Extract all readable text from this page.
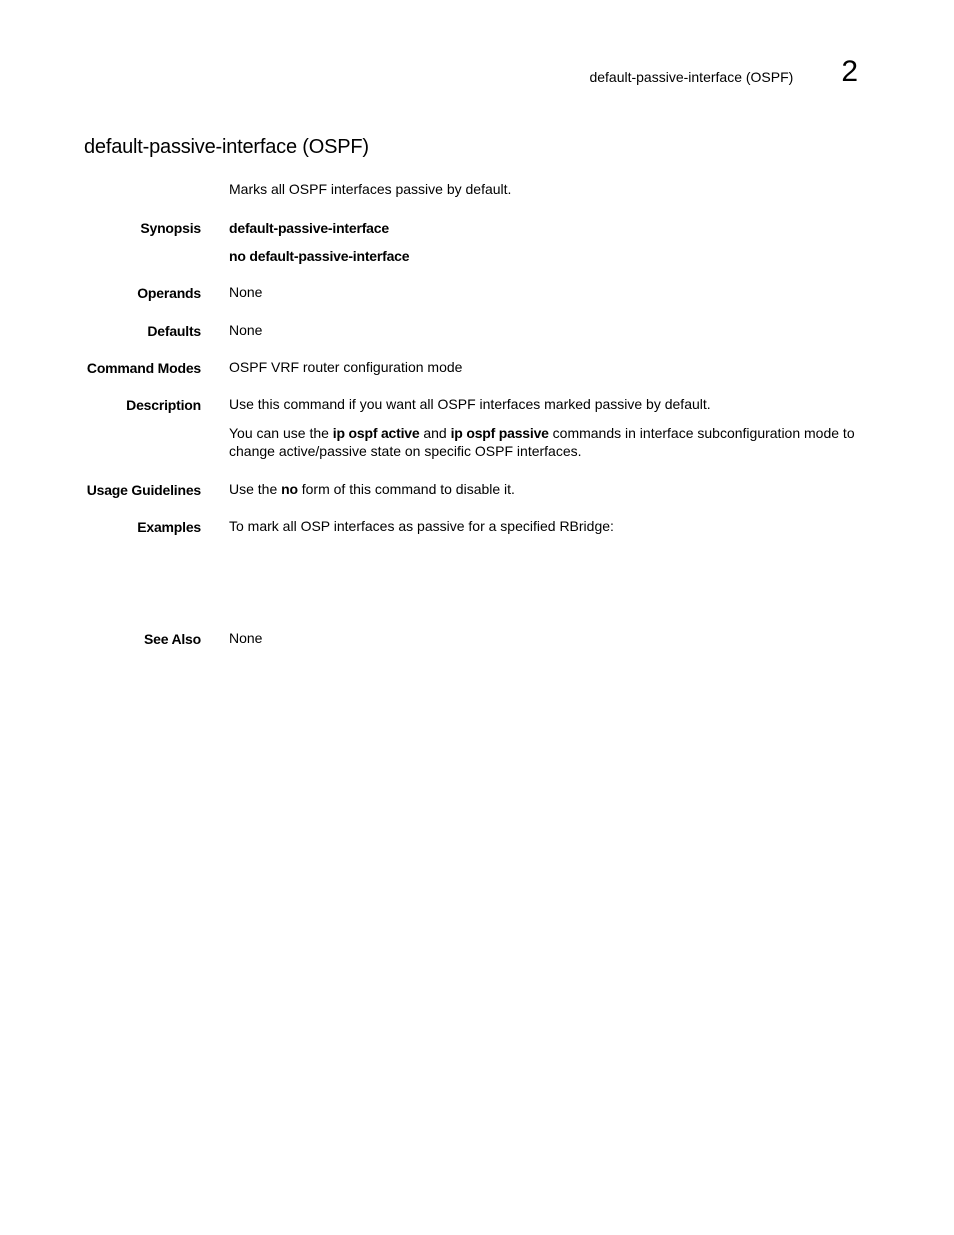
default-passive-interface (OSPF) 2
default-passive-interface (OSPF)

Marks all OSPF interfaces passive by default.

Synopsis default-passive-interface

no default-passive-interface

Operands None
Defaults None
Command Modes OSPF VRF router configuration mode
Description Use this command if you want all OSPF interfaces marked passive by default.

You can use the ip ospf active and ip ospf passive commands in interface subconfiguration mode to change active/passive state on specific OSPF interfaces.

Usage Guidelines Use the no form of this command to disable it.

Examples To mark all OSP interfaces as passive for a specified RBridge:
See Also None
